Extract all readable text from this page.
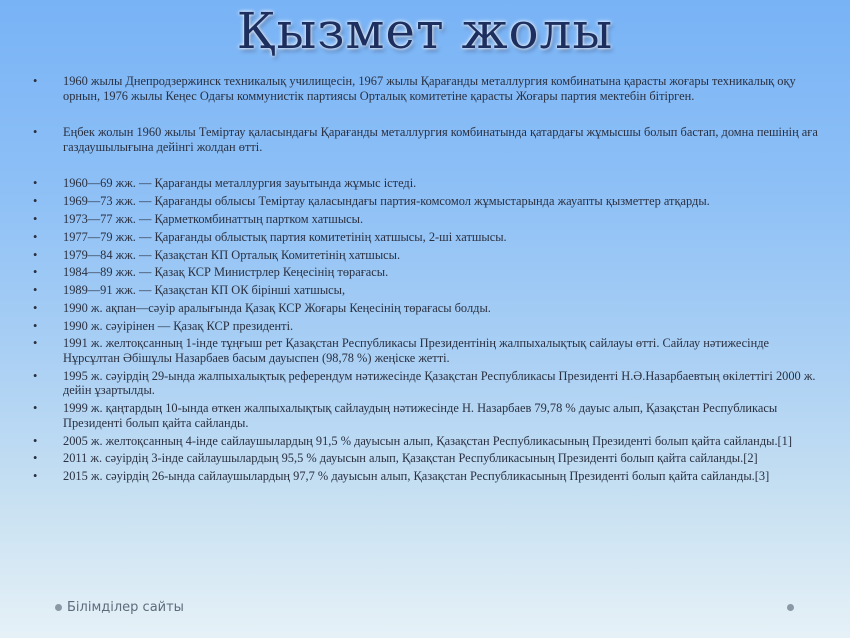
Қызмет жолы
• 1960 жылы Днепродзержинск техникалық училищесін, 1967 жылы Қарағанды металлургия комбинатына қарасты жоғары техникалық оқу орнын, 1976 жылы Кеңес Одағы коммунистік партиясы Орталық комитетіне қарасты Жоғары партия мектебін бітірген.
• Еңбек жолын 1960 жылы Теміртау қаласындағы Қарағанды металлургия комбинатында қатардағы жұмысшы болып бастап, домна пешінің аға газдаушылығына дейінгі жолдан өтті.
• 1960—69 жж. — Қарағанды металлургия зауытында жұмыс істеді.
• 1969—73 жж. — Қарағанды облысы Теміртау қаласындағы партия-комсомол жұмыстарында жауапты қызметтер атқарды.
• 1973—77 жж. — Қарметкомбинаттың партком хатшысы.
• 1977—79 жж. — Қарағанды облыстық партия комитетінің хатшысы, 2-ші хатшысы.
• 1979—84 жж. — Қазақстан КП Орталық Комитетінің хатшысы.
• 1984—89 жж. — Қазақ КСР Министрлер Кеңесінің төрағасы.
• 1989—91 жж. — Қазақстан КП ОК бірінші хатшысы,
• 1990 ж. ақпан—сәуір аралығында Қазақ КСР Жоғары Кеңесінің төрағасы болды.
• 1990 ж. сәуірінен — Қазақ КСР президенті.
• 1991 ж. желтоқсанның 1-інде тұңғыш рет Қазақстан Республикасы Президентінің жалпыхалықтық сайлауы өтті. Сайлау нәтижесінде Нұрсұлтан Әбішұлы Назарбаев басым дауыспен (98,78 %) жеңіске жетті.
• 1995 ж. сәуірдің 29-ында жалпыхалықтық референдум нәтижесінде Қазақстан Республикасы Президенті Н.Ә.Назарбаевтың өкілеттігі 2000 ж. дейін ұзартылды.
• 1999 ж. қаңтардың 10-ында өткен жалпыхалықтық сайлаудың нәтижесінде Н. Назарбаев 79,78 % дауыс алып, Қазақстан Республикасы Президенті болып қайта сайланды.
• 2005 ж. желтоқсанның 4-інде сайлаушылардың 91,5 % дауысын алып, Қазақстан Республикасының Президенті болып қайта сайланды.[1]
• 2011 ж. сәуірдің 3-інде сайлаушылардың 95,5 % дауысын алып, Қазақстан Республикасының Президенті болып қайта сайланды.[2]
• 2015 ж. сәуірдің 26-ында сайлаушылардың 97,7 % дауысын алып, Қазақстан Республикасының Президенті болып қайта сайланды.[3]
Білімділер сайты
